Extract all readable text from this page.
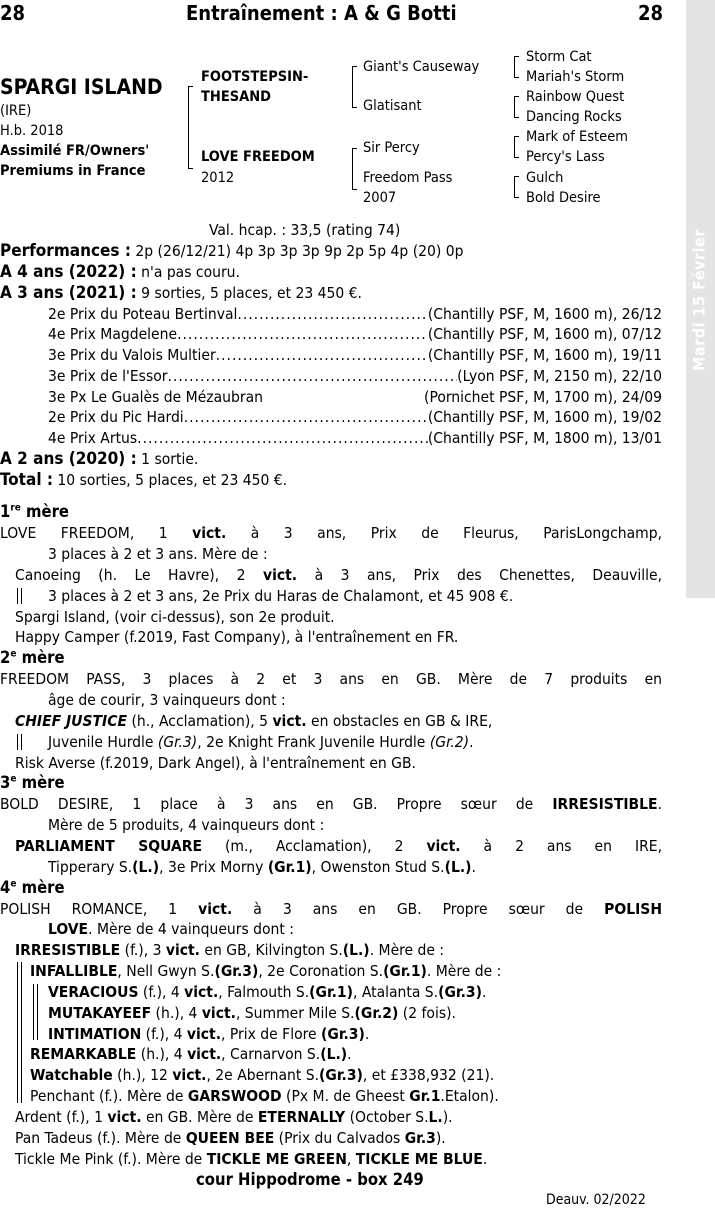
Mardi 15 Février
28	Entraînement : A & G Botti	28
SPARGI ISLAND
(IRE)
H.b. 2018
Assimilé FR/Owners'
Premiums in France
FOOTSTEPSIN-
THESAND
LOVE FREEDOM
2012
Giant's Causeway
Glatisant
Sir Percy
Freedom Pass
2007
Storm Cat
Mariah's Storm
Rainbow Quest
Dancing Rocks
Mark of Esteem
Percy's Lass
Gulch
Bold Desire
Val. hcap. : 33,5 (rating 74)
Performances : 2p (26/12/21) 4p 3p 3p 3p 9p 2p 5p 4p (20) 0p
A 4 ans (2022) : n'a pas couru.
A 3 ans (2021) : 9 sorties, 5 places, et 23 450 €.
2e Prix du Poteau Bertinval .....	(Chantilly PSF, M, 1600 m), 26/12
4e Prix Magdelene .....	(Chantilly PSF, M, 1600 m), 07/12
3e Prix du Valois Multier .....	(Chantilly PSF, M, 1600 m), 19/11
3e Prix de l'Essor .....	(Lyon PSF, M, 2150 m), 22/10
3e Px Le Gualès de Mézaubran	(Pornichet PSF, M, 1700 m), 24/09
2e Prix du Pic Hardi .....	(Chantilly PSF, M, 1600 m), 19/02
4e Prix Artus .....	(Chantilly PSF, M, 1800 m), 13/01
A 2 ans (2020) : 1 sortie.
Total : 10 sorties, 5 places, et 23 450 €.
1re mère
LOVE FREEDOM, 1 vict. à 3 ans, Prix de Fleurus, ParisLongchamp,
3 places à 2 et 3 ans. Mère de :
Canoeing (h. Le Havre), 2 vict. à 3 ans, Prix des Chenettes, Deauville,
3 places à 2 et 3 ans, 2e Prix du Haras de Chalamont, et 45 908 €.
Spargi Island, (voir ci-dessus), son 2e produit.
Happy Camper (f.2019, Fast Company), à l'entraînement en FR.
2e mère
FREEDOM PASS, 3 places à 2 et 3 ans en GB. Mère de 7 produits en
âge de courir, 3 vainqueurs dont :
CHIEF JUSTICE (h., Acclamation), 5 vict. en obstacles en GB & IRE,
Juvenile Hurdle (Gr.3), 2e Knight Frank Juvenile Hurdle (Gr.2).
Risk Averse (f.2019, Dark Angel), à l'entraînement en GB.
3e mère
BOLD DESIRE, 1 place à 3 ans en GB. Propre sœur de IRRESISTIBLE.
Mère de 5 produits, 4 vainqueurs dont :
PARLIAMENT SQUARE (m., Acclamation), 2 vict. à 2 ans en IRE,
Tipperary S.(L.), 3e Prix Morny (Gr.1), Owenston Stud S.(L.).
4e mère
POLISH ROMANCE, 1 vict. à 3 ans en GB. Propre sœur de POLISH
LOVE. Mère de 4 vainqueurs dont :
IRRESISTIBLE (f.), 3 vict. en GB, Kilvington S.(L.). Mère de :
INFALLIBLE, Nell Gwyn S.(Gr.3), 2e Coronation S.(Gr.1). Mère de :
VERACIOUS (f.), 4 vict., Falmouth S.(Gr.1), Atalanta S.(Gr.3).
MUTAKAYEEF (h.), 4 vict., Summer Mile S.(Gr.2) (2 fois).
INTIMATION (f.), 4 vict., Prix de Flore (Gr.3).
REMARKABLE (h.), 4 vict., Carnarvon S.(L.).
Watchable (h.), 12 vict., 2e Abernant S.(Gr.3), et £338,932 (21).
Penchant (f.). Mère de GARSWOOD (Px M. de Gheest Gr.1.Etalon).
Ardent (f.), 1 vict. en GB. Mère de ETERNALLY (October S.L.).
Pan Tadeus (f.). Mère de QUEEN BEE (Prix du Calvados Gr.3).
Tickle Me Pink (f.). Mère de TICKLE ME GREEN, TICKLE ME BLUE.
cour Hippodrome - box 249
Deauv. 02/2022
